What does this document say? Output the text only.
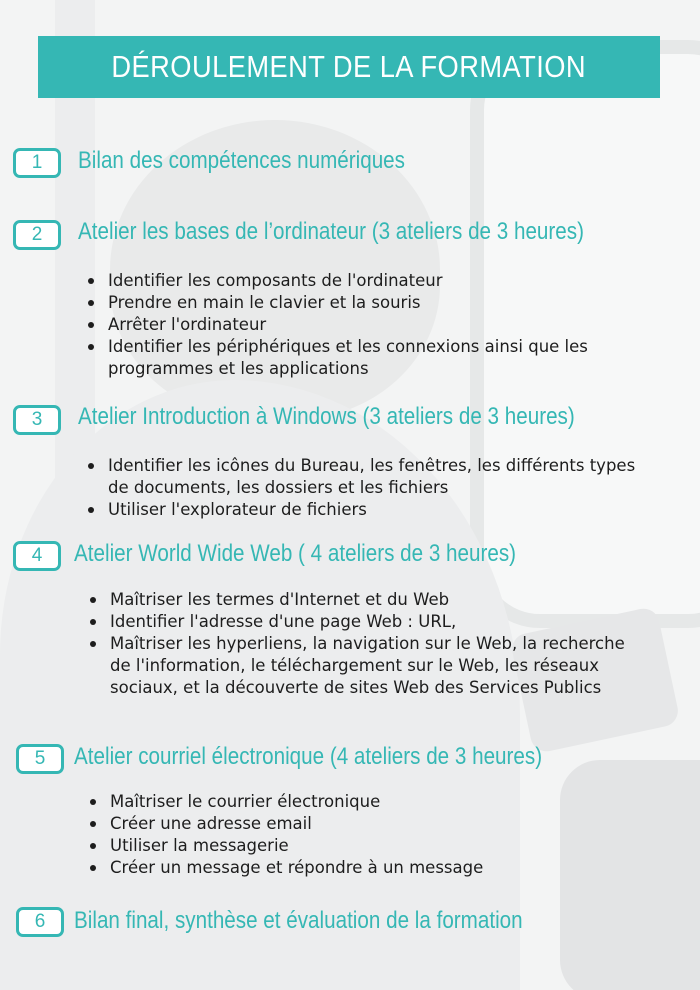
DÉROULEMENT DE LA FORMATION
1	Bilan des compétences numériques
2	Atelier les bases de l’ordinateur (3 ateliers de 3 heures)
Identifier les composants de l'ordinateur
Prendre en main le clavier et la souris
Arrêter l'ordinateur
Identifier les périphériques et les connexions ainsi que les programmes et les applications
3	Atelier Introduction à Windows (3 ateliers de 3 heures)
Identifier les icônes du Bureau, les fenêtres, les différents types de documents, les dossiers et les fichiers
Utiliser l'explorateur de fichiers
4	Atelier World Wide Web ( 4 ateliers de 3 heures)
Maîtriser les termes d'Internet et du Web
Identifier l'adresse d'une page Web : URL,
Maîtriser les hyperliens, la navigation sur le Web, la recherche de l'information, le téléchargement sur le Web, les réseaux sociaux, et la découverte de sites Web des Services Publics
5	Atelier courriel électronique (4 ateliers de 3 heures)
Maîtriser le courrier électronique
Créer une adresse email
Utiliser la messagerie
Créer un message et répondre à un message
6	Bilan final, synthèse et évaluation de la formation
